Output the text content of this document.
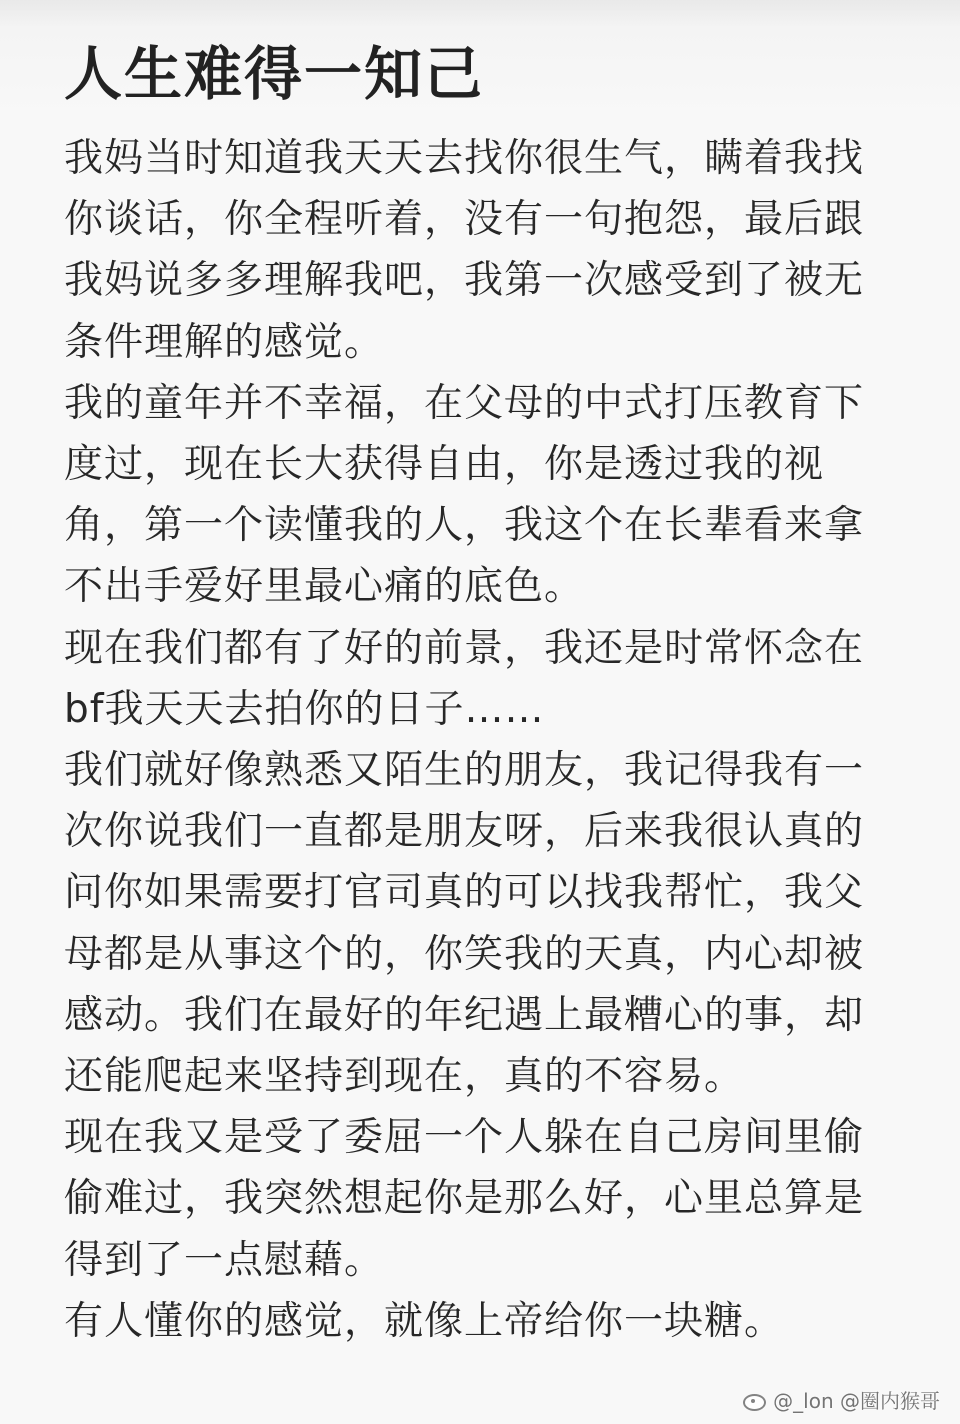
人生难得一知己

我妈当时知道我天天去找你很生气，瞒着我找你谈话，你全程听着，没有一句抱怨，最后跟我妈说多多理解我吧，我第一次感受到了被无条件理解的感觉。

我的童年并不幸福，在父母的中式打压教育下度过，现在长大获得自由，你是透过我的视角，第一个读懂我的人，我这个在长辈看来拿不出手爱好里最心痛的底色。

现在我们都有了好的前景，我还是时常怀念在bf我天天去拍你的日子……

我们就好像熟悉又陌生的朋友，我记得我有一次你说我们一直都是朋友呀，后来我很认真的问你如果需要打官司真的可以找我帮忙，我父母都是从事这个的，你笑我的天真，内心却被感动。我们在最好的年纪遇上最糟心的事，却还能爬起来坚持到现在，真的不容易。

现在我又是受了委屈一个人躲在自己房间里偷偷难过，我突然想起你是那么好，心里总算是得到了一点慰藉。

有人懂你的感觉，就像上帝给你一块糖。

@_lon @圈内猴哥
